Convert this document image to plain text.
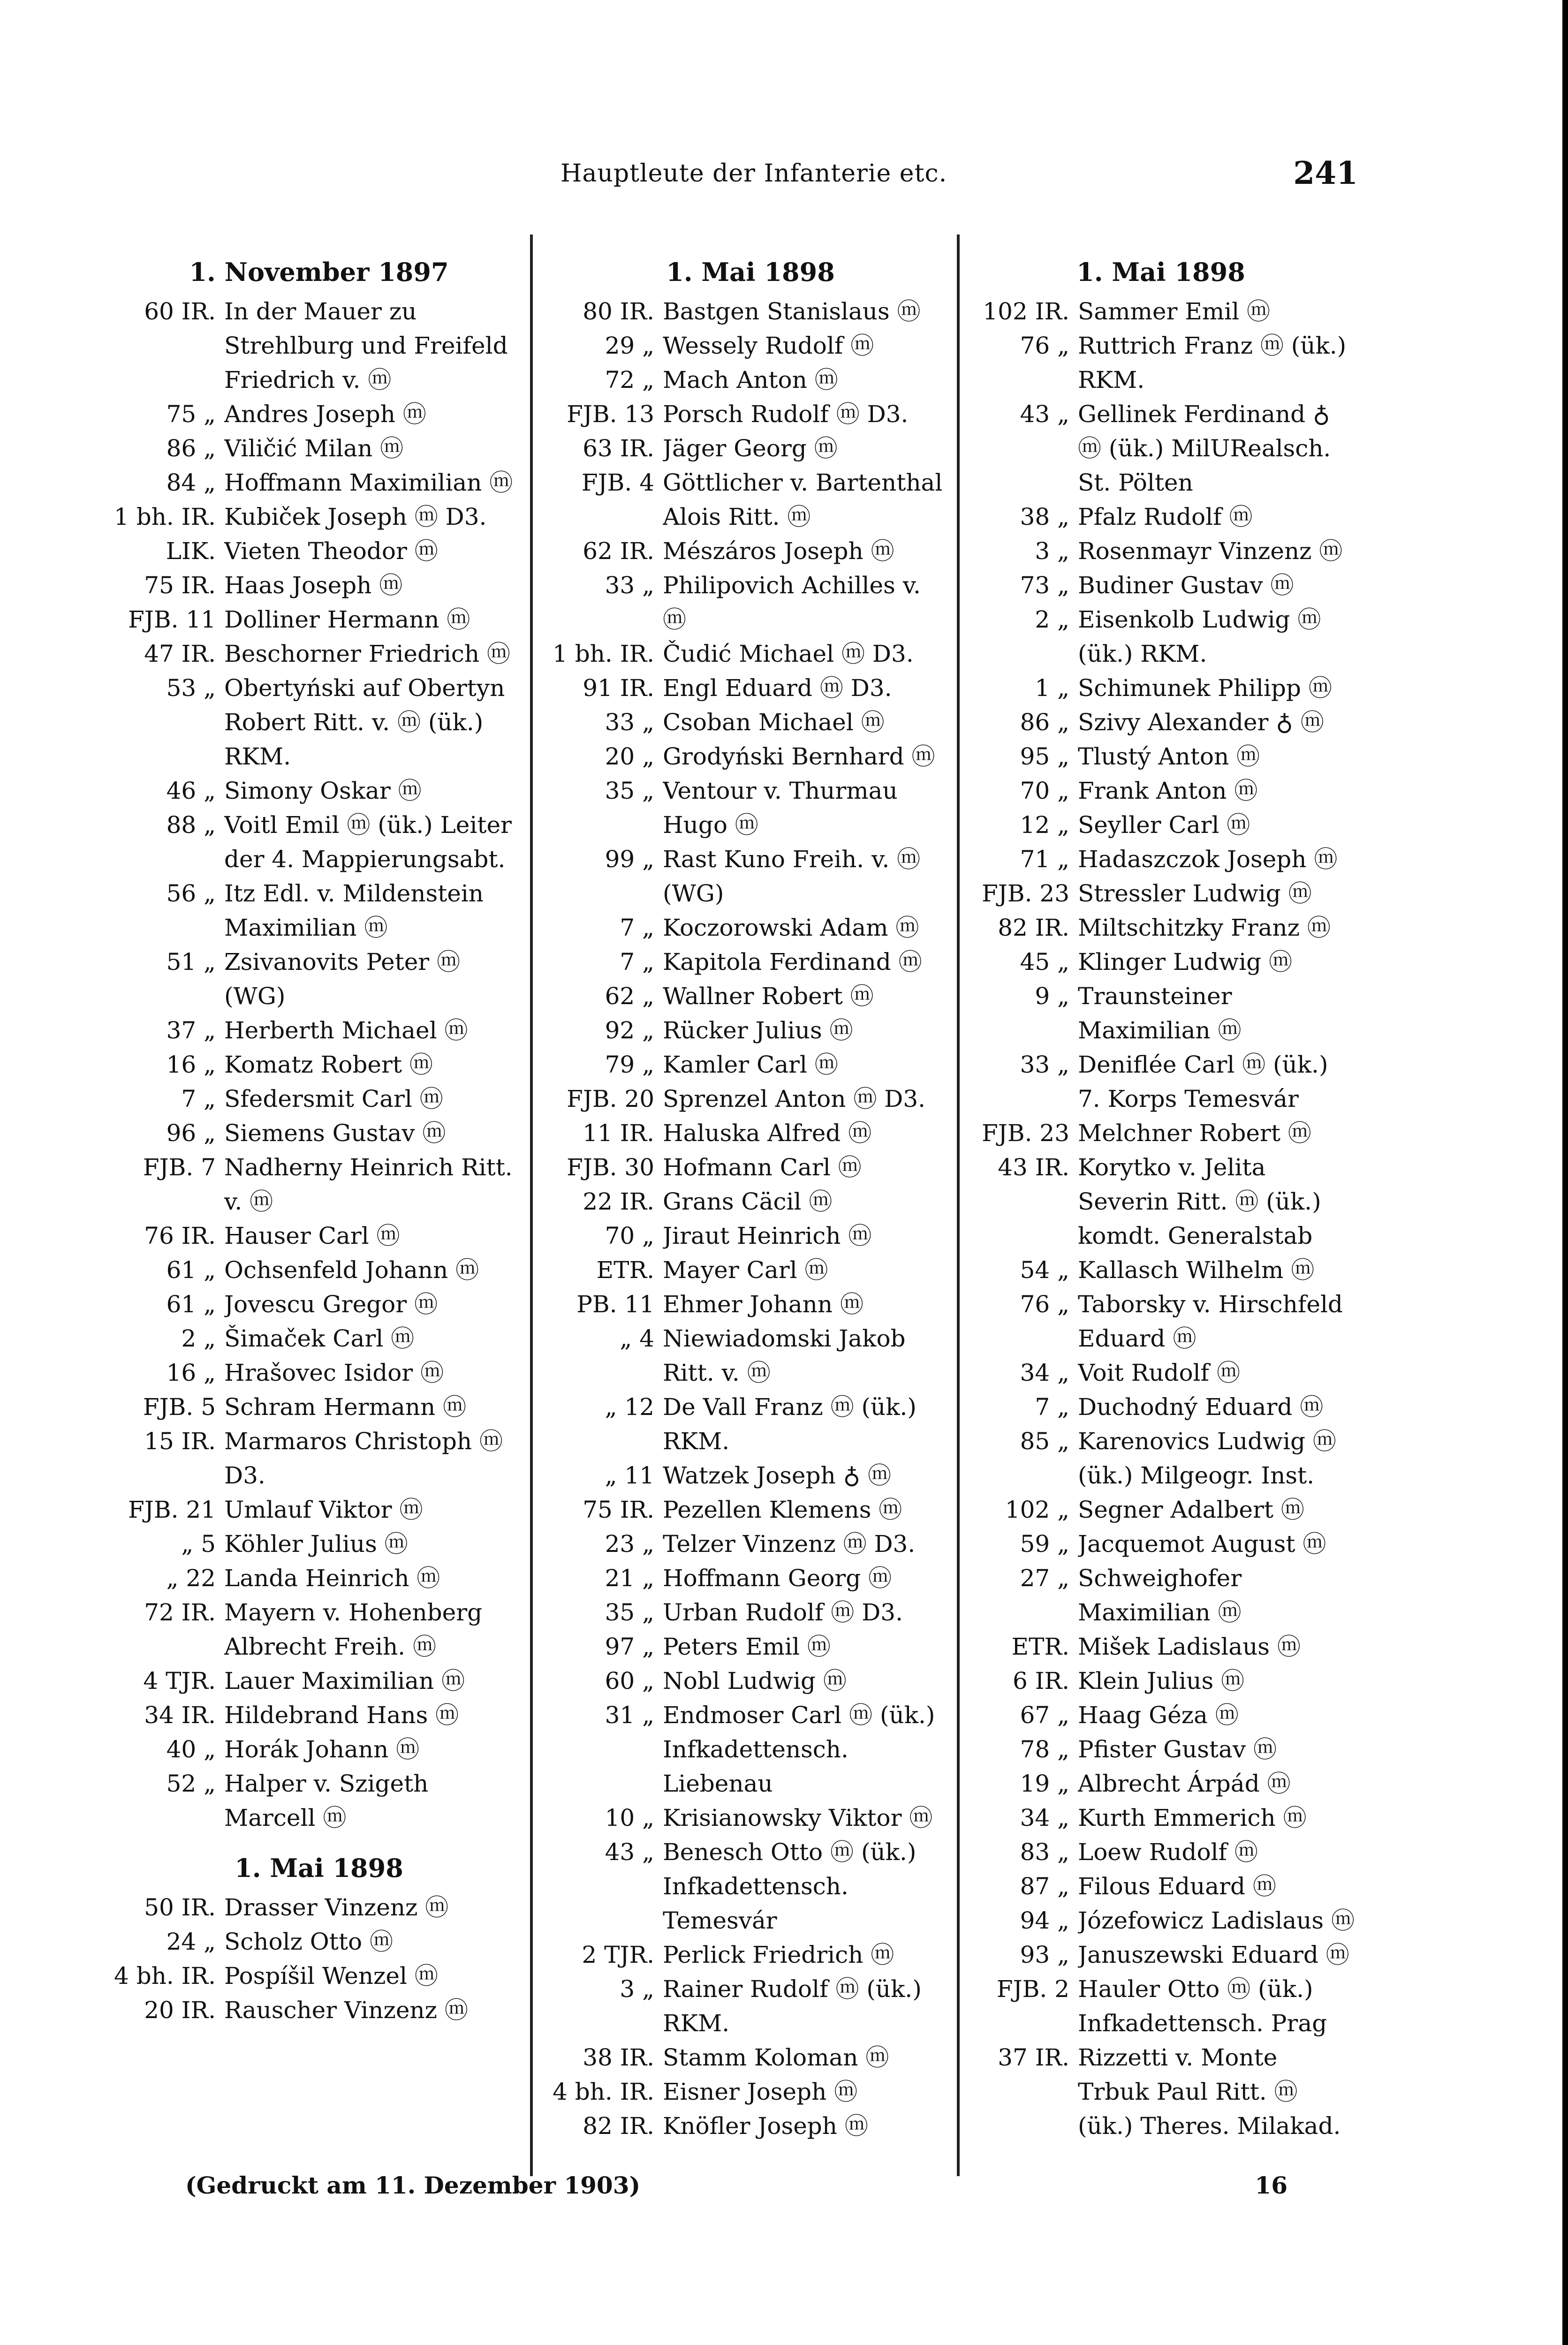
Hauptleute der Infanterie etc.	241
1. November 1897
60 IR. In der Mauer zu Strehlburg und Freifeld Friedrich v. ⓜ
75 „ Andres Joseph ⓜ
86 „ Viličić Milan ⓜ
84 „ Hoffmann Maximilian ⓜ
1 bh. IR. Kubiček Joseph ⓜ D3.
LIK. Vieten Theodor ⓜ
75 IR. Haas Joseph ⓜ
FJB. 11 Dolliner Hermann ⓜ
47 IR. Beschorner Friedrich ⓜ
53 „ Obertyński auf Obertyn Robert Ritt. v. ⓜ (ük.) RKM.
46 „ Simony Oskar ⓜ
88 „ Voitl Emil ⓜ (ük.) Leiter der 4. Mappierungsabt.
56 „ Itz Edl. v. Mildenstein Maximilian ⓜ
51 „ Zsivanovits Peter ⓜ (WG)
37 „ Herberth Michael ⓜ
16 „ Komatz Robert ⓜ
7 „ Sfedersmit Carl ⓜ
96 „ Siemens Gustav ⓜ
FJB. 7 Nadherny Heinrich Ritt. v. ⓜ
76 IR. Hauser Carl ⓜ
61 „ Ochsenfeld Johann ⓜ
61 „ Jovescu Gregor ⓜ
2 „ Šimaček Carl ⓜ
16 „ Hrašovec Isidor ⓜ
FJB. 5 Schram Hermann ⓜ
15 IR. Marmaros Christoph ⓜ D3.
FJB. 21 Umlauf Viktor ⓜ
„ 5 Köhler Julius ⓜ
„ 22 Landa Heinrich ⓜ
72 IR. Mayern v. Hohenberg Albrecht Freih. ⓜ
4 TJR. Lauer Maximilian ⓜ
34 IR. Hildebrand Hans ⓜ
40 „ Horák Johann ⓜ
52 „ Halper v. Szigeth Marcell ⓜ
1. Mai 1898
50 IR. Drasser Vinzenz ⓜ
24 „ Scholz Otto ⓜ
4 bh. IR. Pospíšil Wenzel ⓜ
20 IR. Rauscher Vinzenz ⓜ
1. Mai 1898
80 IR. Bastgen Stanislaus ⓜ
29 „ Wessely Rudolf ⓜ
72 „ Mach Anton ⓜ
FJB. 13 Porsch Rudolf ⓜ D3.
63 IR. Jäger Georg ⓜ
FJB. 4 Göttlicher v. Bartenthal Alois Ritt. ⓜ
62 IR. Mészáros Joseph ⓜ
33 „ Philipovich Achilles v. ⓜ
1 bh. IR. Čudić Michael ⓜ D3.
91 IR. Engl Eduard ⓜ D3.
33 „ Csoban Michael ⓜ
20 „ Grodyński Bernhard ⓜ
35 „ Ventour v. Thurmau Hugo ⓜ
99 „ Rast Kuno Freih. v. ⓜ (WG)
7 „ Koczorowski Adam ⓜ
7 „ Kapitola Ferdinand ⓜ
62 „ Wallner Robert ⓜ
92 „ Rücker Julius ⓜ
79 „ Kamler Carl ⓜ
FJB. 20 Sprenzel Anton ⓜ D3.
11 IR. Haluska Alfred ⓜ
FJB. 30 Hofmann Carl ⓜ
22 IR. Grans Cäcil ⓜ
70 „ Jiraut Heinrich ⓜ
ETR. Mayer Carl ⓜ
PB. 11 Ehmer Johann ⓜ
„ 4 Niewiadomski Jakob Ritt. v. ⓜ
„ 12 De Vall Franz ⓜ (ük.) RKM.
„ 11 Watzek Joseph ♁ ⓜ
75 IR. Pezellen Klemens ⓜ
23 „ Telzer Vinzenz ⓜ D3.
21 „ Hoffmann Georg ⓜ
35 „ Urban Rudolf ⓜ D3.
97 „ Peters Emil ⓜ
60 „ Nobl Ludwig ⓜ
31 „ Endmoser Carl ⓜ (ük.) Infkadettensch. Liebenau
10 „ Krisianowsky Viktor ⓜ
43 „ Benesch Otto ⓜ (ük.) Infkadettensch. Temesvár
2 TJR. Perlick Friedrich ⓜ
3 „ Rainer Rudolf ⓜ (ük.) RKM.
38 IR. Stamm Koloman ⓜ
4 bh. IR. Eisner Joseph ⓜ
82 IR. Knöfler Joseph ⓜ
1. Mai 1898
102 IR. Sammer Emil ⓜ
76 „ Ruttrich Franz ⓜ (ük.) RKM.
43 „ Gellinek Ferdinand ♁ ⓜ (ük.) MilURealsch. St. Pölten
38 „ Pfalz Rudolf ⓜ
3 „ Rosenmayr Vinzenz ⓜ
73 „ Budiner Gustav ⓜ
2 „ Eisenkolb Ludwig ⓜ (ük.) RKM.
1 „ Schimunek Philipp ⓜ
86 „ Szivy Alexander ♁ ⓜ
95 „ Tlustý Anton ⓜ
70 „ Frank Anton ⓜ
12 „ Seyller Carl ⓜ
71 „ Hadaszczok Joseph ⓜ
FJB. 23 Stressler Ludwig ⓜ
82 IR. Miltschitzky Franz ⓜ
45 „ Klinger Ludwig ⓜ
9 „ Traunsteiner Maximilian ⓜ
33 „ Deniflée Carl ⓜ (ük.) 7. Korps Temesvár
FJB. 23 Melchner Robert ⓜ
43 IR. Korytko v. Jelita Severin Ritt. ⓜ (ük.) komdt. Generalstab
54 „ Kallasch Wilhelm ⓜ
76 „ Taborsky v. Hirschfeld Eduard ⓜ
34 „ Voit Rudolf ⓜ
7 „ Duchodný Eduard ⓜ
85 „ Karenovics Ludwig ⓜ (ük.) Milgeogr. Inst.
102 „ Segner Adalbert ⓜ
59 „ Jacquemot August ⓜ
27 „ Schweighofer Maximilian ⓜ
ETR. Mišek Ladislaus ⓜ
6 IR. Klein Julius ⓜ
67 „ Haag Géza ⓜ
78 „ Pfister Gustav ⓜ
19 „ Albrecht Árpád ⓜ
34 „ Kurth Emmerich ⓜ
83 „ Loew Rudolf ⓜ
87 „ Filous Eduard ⓜ
94 „ Józefowicz Ladislaus ⓜ
93 „ Januszewski Eduard ⓜ
FJB. 2 Hauler Otto ⓜ (ük.) Infkadettensch. Prag
37 IR. Rizzetti v. Monte Trbuk Paul Ritt. ⓜ (ük.) Theres. Milakad.
(Gedruckt am 11. Dezember 1903)	16
